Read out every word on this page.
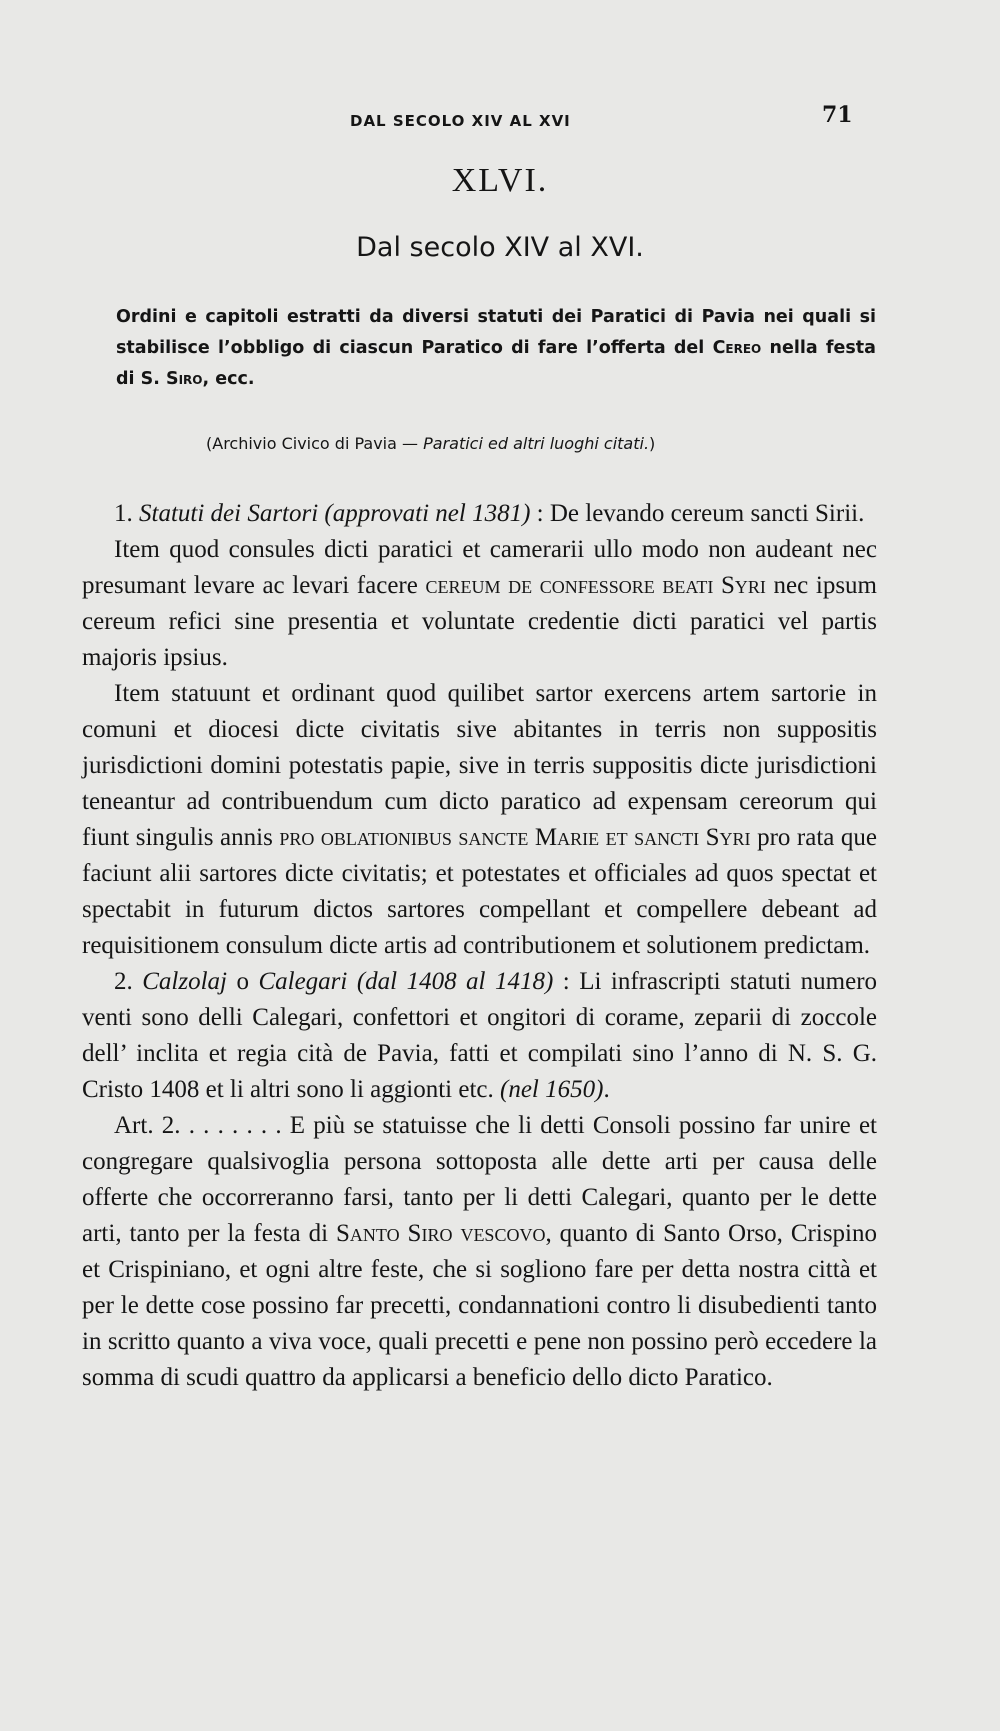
DAL SECOLO XIV AL XVI	71
XLVI.
Dal secolo XIV al XVI.
Ordini e capitoli estratti da diversi statuti dei Paratici di Pavia nei quali si stabilisce l’obbligo di ciascun Paratico di fare l’offerta del Cereo nella festa di S. Siro, ecc.
(Archivio Civico di Pavia — Paratici ed altri luoghi citati.)

1. Statuti dei Sartori (approvati nel 1381) : De levando cereum sancti Sirii.

Item quod consules dicti paratici et camerarii ullo modo non audeant nec presumant levare ac levari facere cereum de confessore beati Syri nec ipsum cereum refici sine presentia et voluntate credentie dicti paratici vel partis majoris ipsius.

Item statuunt et ordinant quod quilibet sartor exercens artem sartorie in comuni et diocesi dicte civitatis sive abitantes in terris non suppositis jurisdictioni domini potestatis papie, sive in terris suppositis dicte jurisdictioni teneantur ad contribuendum cum dicto paratico ad expensam cereorum qui fiunt singulis annis pro oblationibus sancte Marie et sancti Syri pro rata que faciunt alii sartores dicte civitatis; et potestates et officiales ad quos spectat et spectabit in futurum dictos sartores compellant et compellere debeant ad requisitionem consulum dicte artis ad contributionem et solutionem predictam.

2. Calzolaj o Calegari (dal 1408 al 1418) : Li infrascripti statuti numero venti sono delli Calegari, confettori et ongitori di corame, zeparii di zoccole dell’ inclita et regia cità de Pavia, fatti et compilati sino l’anno di N. S. G. Cristo 1408 et li altri sono li aggionti etc. (nel 1650).

Art. 2. . . . . . . . E più se statuisse che li detti Consoli possino far unire et congregare qualsivoglia persona sottoposta alle dette arti per causa delle offerte che occorreranno farsi, tanto per li detti Calegari, quanto per le dette arti, tanto per la festa di Santo Siro vescovo, quanto di Santo Orso, Crispino et Crispiniano, et ogni altre feste, che si sogliono fare per detta nostra città et per le dette cose possino far precetti, condannationi contro li disubedienti tanto in scritto quanto a viva voce, quali precetti e pene non possino però eccedere la somma di scudi quattro da applicarsi a beneficio dello dicto Paratico.
